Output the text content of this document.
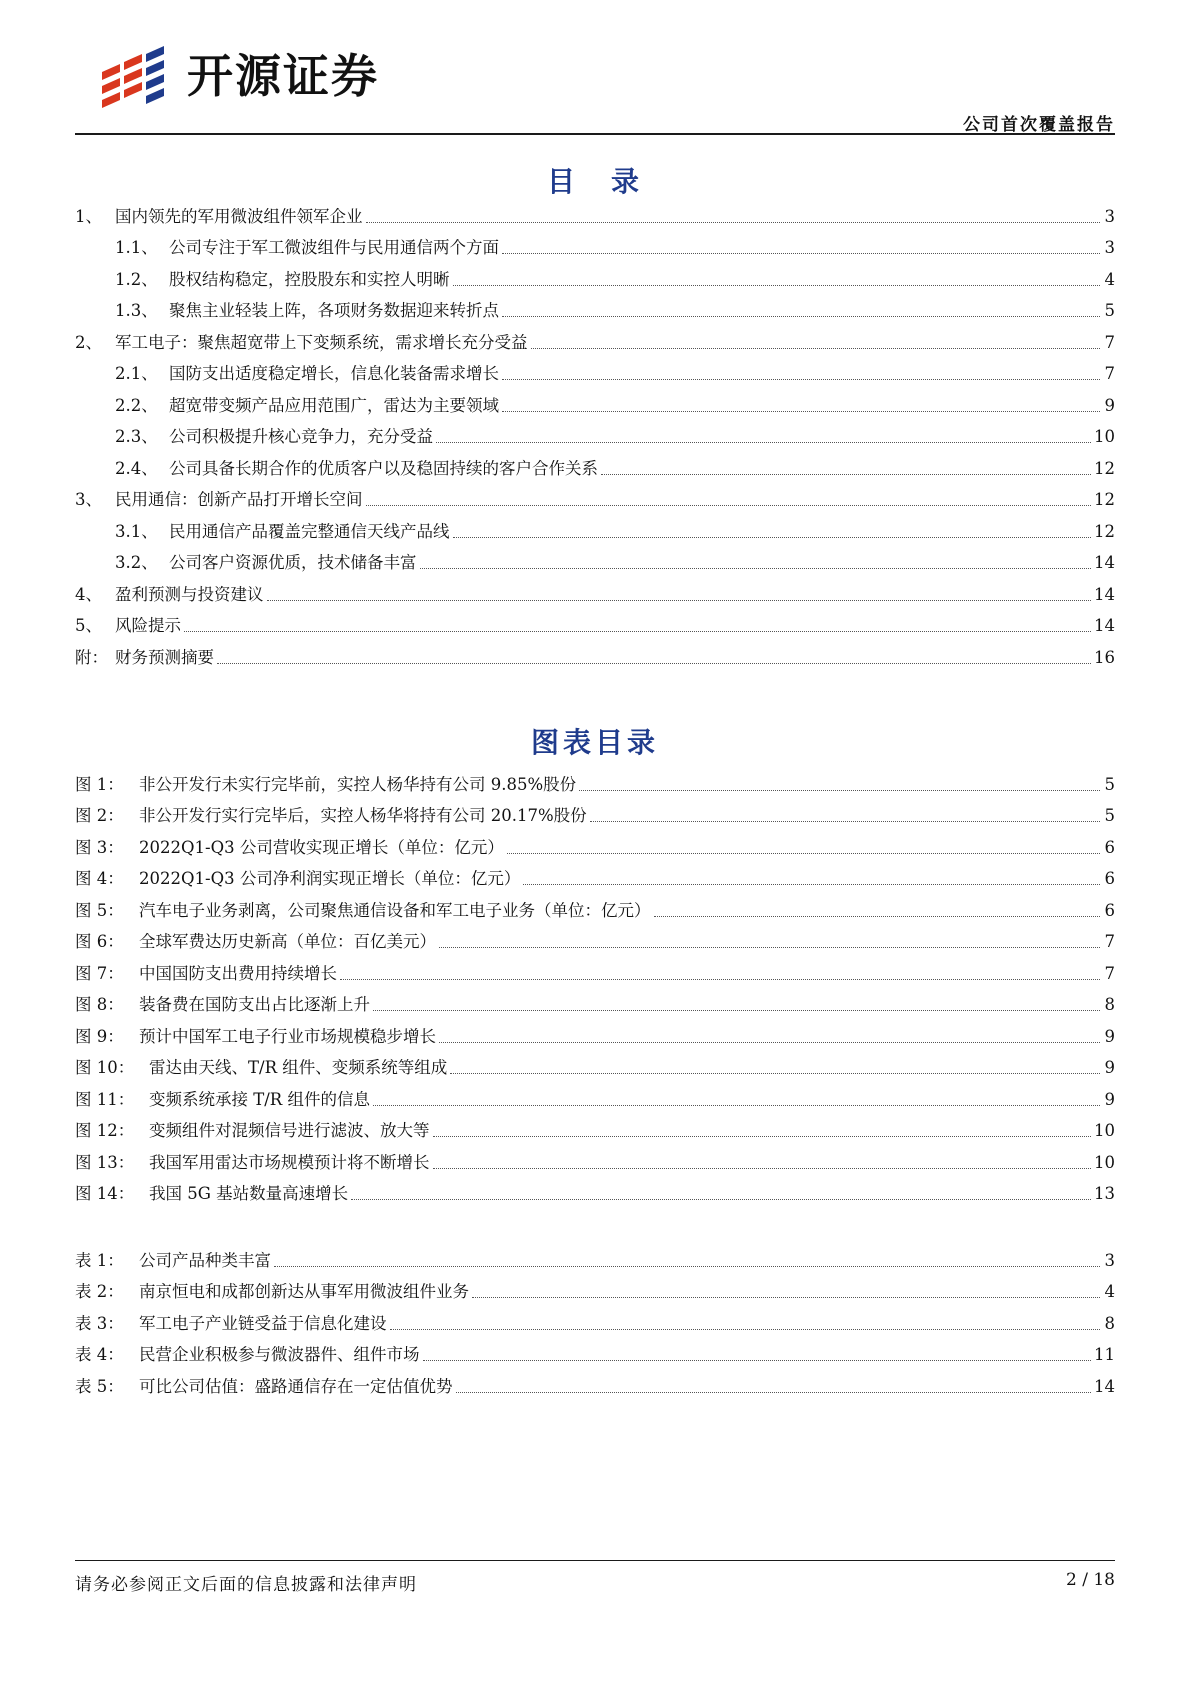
开源证券
公司首次覆盖报告
目　录
1、 国内领先的军用微波组件领军企业	3
1.1、 公司专注于军工微波组件与民用通信两个方面	3
1.2、 股权结构稳定，控股股东和实控人明晰	4
1.3、 聚焦主业轻装上阵，各项财务数据迎来转折点	5
2、 军工电子：聚焦超宽带上下变频系统，需求增长充分受益	7
2.1、 国防支出适度稳定增长，信息化装备需求增长	7
2.2、 超宽带变频产品应用范围广，雷达为主要领域	9
2.3、 公司积极提升核心竞争力，充分受益	10
2.4、 公司具备长期合作的优质客户以及稳固持续的客户合作关系	12
3、 民用通信：创新产品打开增长空间	12
3.1、 民用通信产品覆盖完整通信天线产品线	12
3.2、 公司客户资源优质，技术储备丰富	14
4、 盈利预测与投资建议	14
5、 风险提示	14
附： 财务预测摘要	16
图表目录
图 1： 非公开发行未实行完毕前，实控人杨华持有公司 9.85%股份	5
图 2： 非公开发行实行完毕后，实控人杨华将持有公司 20.17%股份	5
图 3： 2022Q1-Q3 公司营收实现正增长（单位：亿元）	6
图 4： 2022Q1-Q3 公司净利润实现正增长（单位：亿元）	6
图 5： 汽车电子业务剥离，公司聚焦通信设备和军工电子业务（单位：亿元）	6
图 6： 全球军费达历史新高（单位：百亿美元）	7
图 7： 中国国防支出费用持续增长	7
图 8： 装备费在国防支出占比逐渐上升	8
图 9： 预计中国军工电子行业市场规模稳步增长	9
图 10： 雷达由天线、T/R 组件、变频系统等组成	9
图 11： 变频系统承接 T/R 组件的信息	9
图 12： 变频组件对混频信号进行滤波、放大等	10
图 13： 我国军用雷达市场规模预计将不断增长	10
图 14： 我国 5G 基站数量高速增长	13
表 1： 公司产品种类丰富	3
表 2： 南京恒电和成都创新达从事军用微波组件业务	4
表 3： 军工电子产业链受益于信息化建设	8
表 4： 民营企业积极参与微波器件、组件市场	11
表 5： 可比公司估值：盛路通信存在一定估值优势	14
请务必参阅正文后面的信息披露和法律声明	2 / 18
